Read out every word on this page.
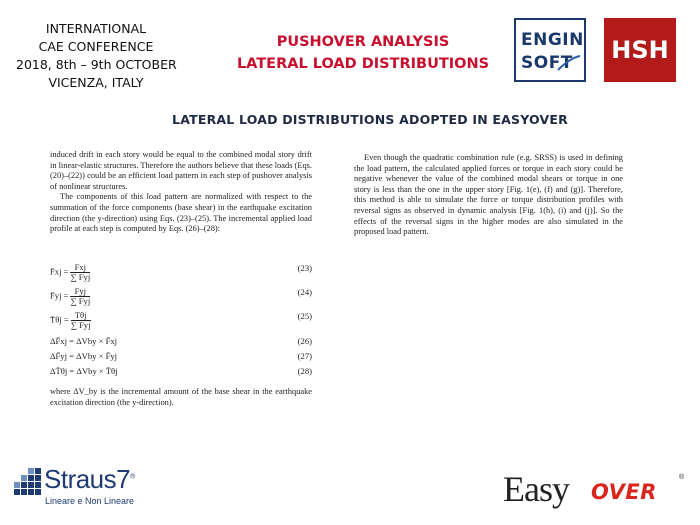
INTERNATIONAL
CAE CONFERENCE
2018, 8th – 9th OCTOBER
VICENZA, ITALY
PUSHOVER ANALYSIS
LATERAL LOAD DISTRIBUTIONS
ENGIN
SOFT HSH
LATERAL LOAD DISTRIBUTIONS ADOPTED IN EASYOVER

induced drift in each story would be equal to the combined modal story drift in linear-elastic structures. Therefore the authors believe that these loads (Eqs. (20)–(22)) could be an efficient load pattern in each step of pushover analysis of nonlinear structures.

The components of this load pattern are normalized with respect to the summation of the force components (base shear) in the earthquake excitation direction (the y-direction) using Eqs. (23)–(25). The incremental applied load profile at each step is computed by Eqs. (26)–(28):

F̄xj = $\frac{\text{Fxj}}{\text{∑ Fyj}}$	(23)
F̄yj = $\frac{\text{Fyj}}{\text{∑ Fyj}}$	(24)
T̄θj = $\frac{\text{Tθj}}{\text{∑ Fyj}}$	(25)
ΔF̄xj = ΔVby × F̄xj	(26)
ΔF̄yj = ΔVby × F̄yj	(27)
ΔT̄θj = ΔVby × T̄θj	(28)

where ΔV_by is the incremental amount of the base shear in the earthquake excitation direction (the y-direction).

Even though the quadratic combination rule (e.g. SRSS) is used in defining the load pattern, the calculated applied forces or torque in each story could be negative whenever the value of the combined modal shears or torque in one story is less than the one in the upper story [Fig. 1(e), (f) and (g)]. Therefore, this method is able to simulate the force or torque distribution profiles with reversal signs as observed in dynamic analysis [Fig. 1(h), (i) and (j)]. So the effects of the reversal signs in the higher modes are also simulated in the proposed load pattern.

Straus7®
Lineare e Non Lineare	Easy OVER
®
